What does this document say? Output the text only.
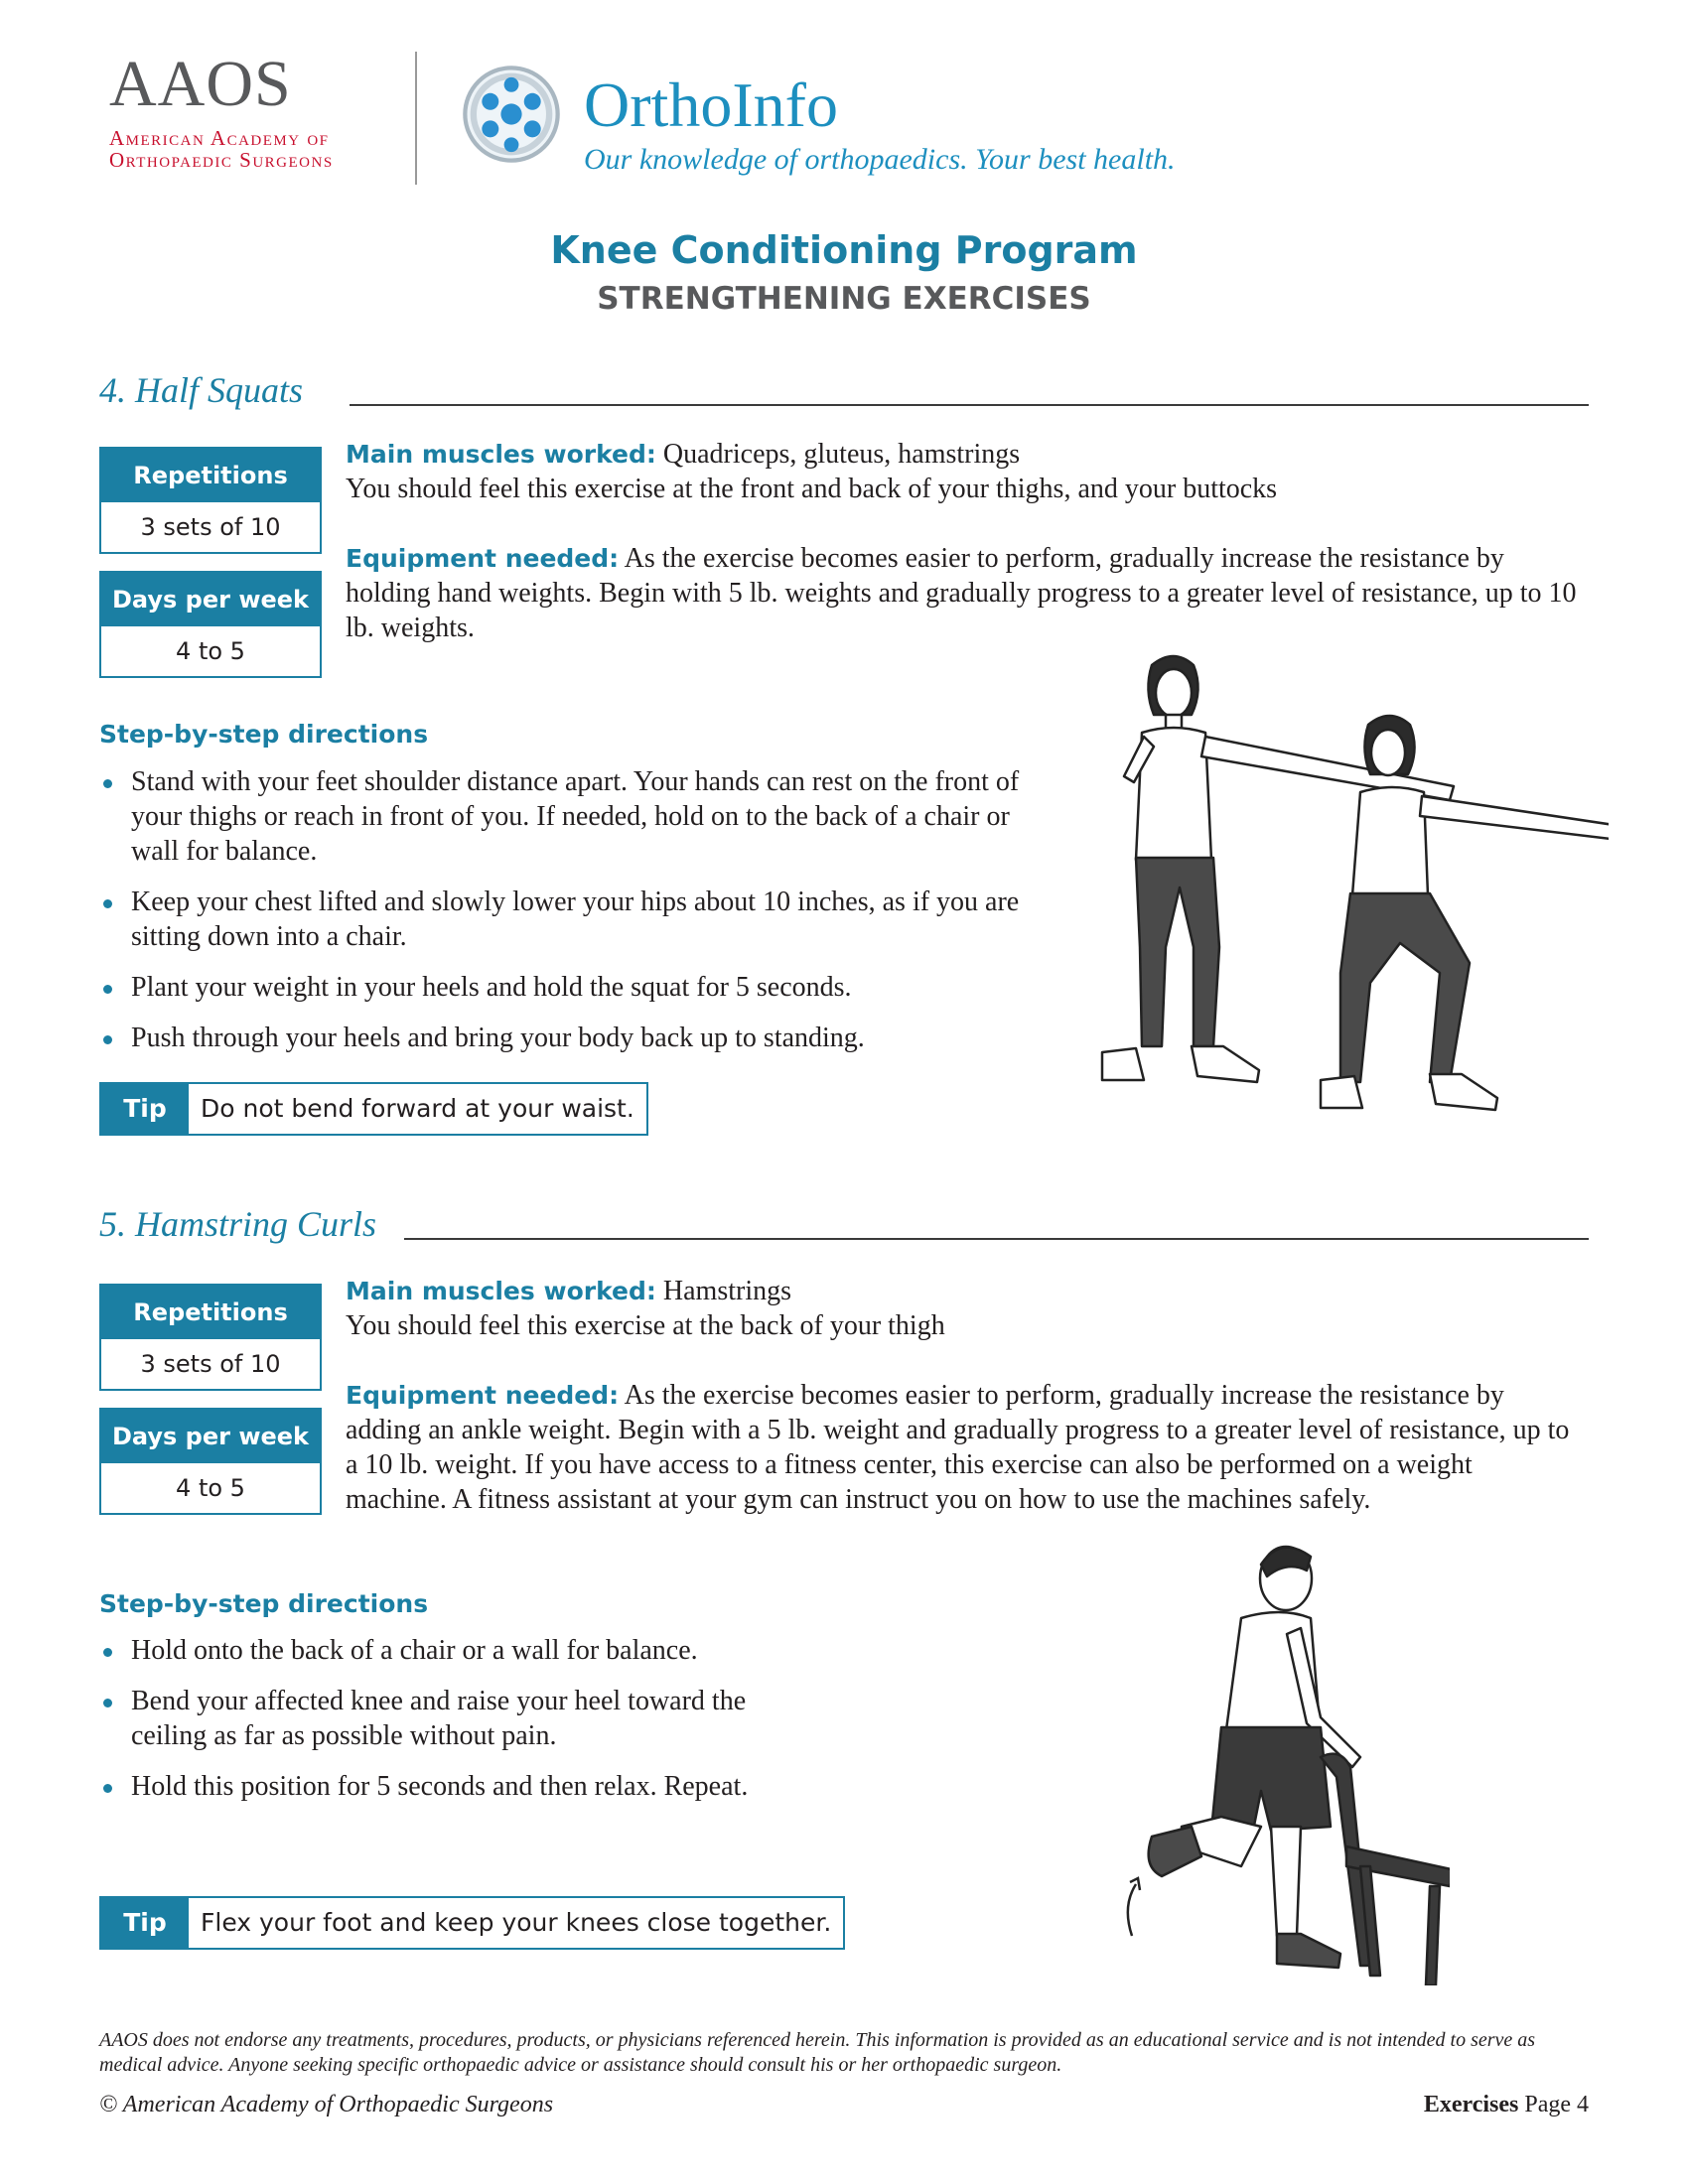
AAOS
American Academy of
Orthopaedic Surgeons
OrthoInfo
Our knowledge of orthopaedics. Your best health.
Knee Conditioning Program
STRENGTHENING EXERCISES
4. Half Squats
Repetitions
3 sets of 10
Days per week
4 to 5
Main muscles worked: Quadriceps, gluteus, hamstrings
You should feel this exercise at the front and back of your thighs, and your buttocks
Equipment needed: As the exercise becomes easier to perform, gradually increase the resistance by holding hand weights. Begin with 5 lb. weights and gradually progress to a greater level of resistance, up to 10 lb. weights.
Step-by-step directions
Stand with your feet shoulder distance apart. Your hands can rest on the front of your thighs or reach in front of you. If needed, hold on to the back of a chair or wall for balance.
Keep your chest lifted and slowly lower your hips about 10 inches, as if you are sitting down into a chair.
Plant your weight in your heels and hold the squat for 5 seconds.
Push through your heels and bring your body back up to standing.
Tip	Do not bend forward at your waist.
5. Hamstring Curls
Repetitions
3 sets of 10
Days per week
4 to 5
Main muscles worked: Hamstrings
You should feel this exercise at the back of your thigh
Equipment needed: As the exercise becomes easier to perform, gradually increase the resistance by adding an ankle weight. Begin with a 5 lb. weight and gradually progress to a greater level of resistance, up to a 10 lb. weight. If you have access to a fitness center, this exercise can also be performed on a weight machine. A fitness assistant at your gym can instruct you on how to use the machines safely.
Step-by-step directions
Hold onto the back of a chair or a wall for balance.
Bend your affected knee and raise your heel toward the ceiling as far as possible without pain.
Hold this position for 5 seconds and then relax. Repeat.
Tip	Flex your foot and keep your knees close together.
AAOS does not endorse any treatments, procedures, products, or physicians referenced herein. This information is provided as an educational service and is not intended to serve as medical advice. Anyone seeking specific orthopaedic advice or assistance should consult his or her orthopaedic surgeon.
© American Academy of Orthopaedic Surgeons	Exercises Page 4
